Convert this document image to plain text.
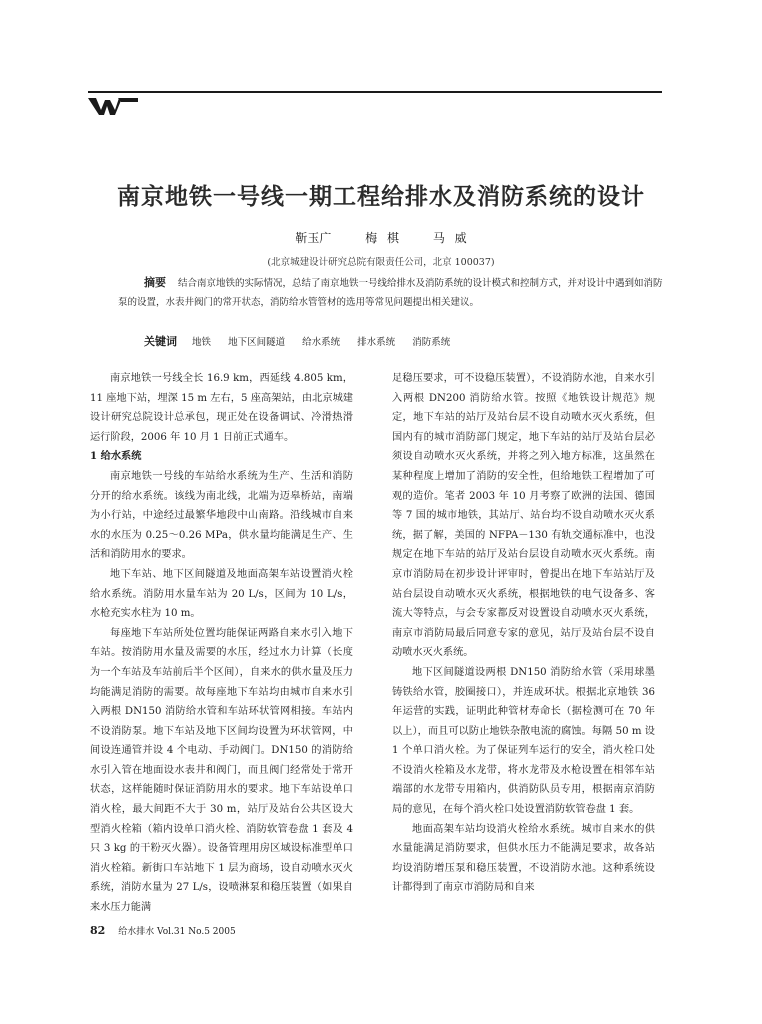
南京地铁一号线一期工程给排水及消防系统的设计
靳玉广	梅 棋	马 威
(北京城建设计研究总院有限责任公司，北京 100037)
摘要 结合南京地铁的实际情况，总结了南京地铁一号线给排水及消防系统的设计模式和控制方式，并对设计中遇到如消防泵的设置，水表井阀门的常开状态，消防给水管管材的选用等常见问题提出相关建议。
关键词 地铁 地下区间隧道 给水系统 排水系统 消防系统

南京地铁一号线全长 16.9 km，西延线 4.805 km，11 座地下站，埋深 15 m 左右，5 座高架站，由北京城建设计研究总院设计总承包，现正处在设备调试、冷滑热滑运行阶段，2006 年 10 月 1 日前正式通车。

1 给水系统

南京地铁一号线的车站给水系统为生产、生活和消防分开的给水系统。该线为南北线，北端为迈皋桥站，南端为小行站，中途经过最繁华地段中山南路。沿线城市自来水的水压为 0.25～0.26 MPa，供水量均能满足生产、生活和消防用水的要求。

地下车站、地下区间隧道及地面高架车站设置消火栓给水系统。消防用水量车站为 20 L/s，区间为 10 L/s，水枪充实水柱为 10 m。

每座地下车站所处位置均能保证两路自来水引入地下车站。按消防用水量及需要的水压，经过水力计算（长度为一个车站及车站前后半个区间），自来水的供水量及压力均能满足消防的需要。故每座地下车站均由城市自来水引入两根 DN150 消防给水管和车站环状管网相接。车站内不设消防泵。地下车站及地下区间均设置为环状管网，中间设连通管并设 4 个电动、手动阀门。DN150 的消防给水引入管在地面设水表井和阀门，而且阀门经常处于常开状态，这样能随时保证消防用水的要求。地下车站设单口消火栓，最大间距不大于 30 m，站厅及站台公共区设大型消火栓箱（箱内设单口消火栓、消防软管卷盘 1 套及 4 只 3 kg 的干粉灭火器）。设备管理用房区域设标准型单口消火栓箱。新街口车站地下 1 层为商场，设自动喷水灭火系统，消防水量为 27 L/s，设喷淋泵和稳压装置（如果自来水压力能满

足稳压要求，可不设稳压装置），不设消防水池，自来水引入两根 DN200 消防给水管。按照《地铁设计规范》规定，地下车站的站厅及站台层不设自动喷水灭火系统，但国内有的城市消防部门规定，地下车站的站厅及站台层必须设自动喷水灭火系统，并将之列入地方标准，这虽然在某种程度上增加了消防的安全性，但给地铁工程增加了可观的造价。笔者 2003 年 10 月考察了欧洲的法国、德国等 7 国的城市地铁，其站厅、站台均不设自动喷水灭火系统，据了解，美国的 NFPA－130 有轨交通标准中，也没规定在地下车站的站厅及站台层设自动喷水灭火系统。南京市消防局在初步设计评审时，曾提出在地下车站站厅及站台层设自动喷水灭火系统，根据地铁的电气设备多、客流大等特点，与会专家都反对设置设自动喷水灭火系统，南京市消防局最后同意专家的意见，站厅及站台层不设自动喷水灭火系统。

地下区间隧道设两根 DN150 消防给水管（采用球墨铸铁给水管，胶圈接口），并连成环状。根据北京地铁 36 年运营的实践，证明此种管材寿命长（据检测可在 70 年以上），而且可以防止地铁杂散电流的腐蚀。每隔 50 m 设 1 个单口消火栓。为了保证列车运行的安全，消火栓口处不设消火栓箱及水龙带，将水龙带及水枪设置在相邻车站端部的水龙带专用箱内，供消防队员专用，根据南京消防局的意见，在每个消火栓口处设置消防软管卷盘 1 套。

地面高架车站均设消火栓给水系统。城市自来水的供水量能满足消防要求，但供水压力不能满足要求，故各站均设消防增压泵和稳压装置，不设消防水池。这种系统设计都得到了南京市消防局和自来

82 给水排水 Vol.31 No.5 2005
